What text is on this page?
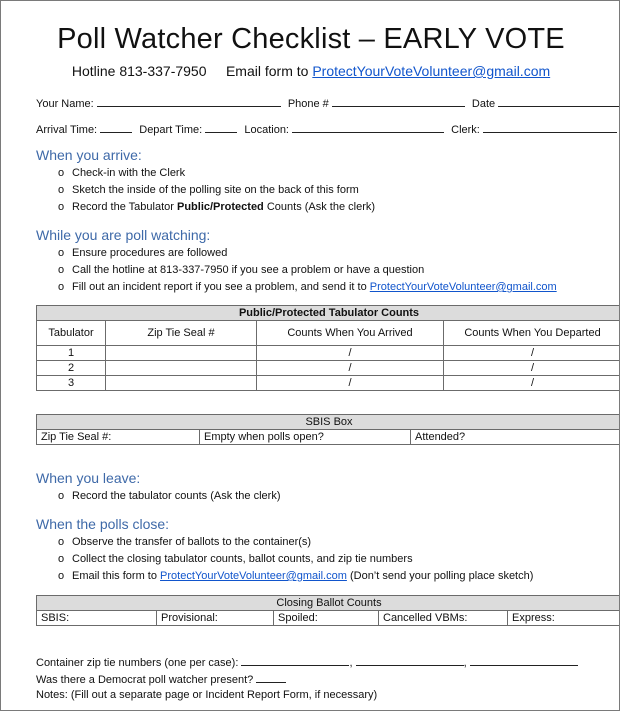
Poll Watcher Checklist – EARLY VOTE
Hotline 813-337-7950 Email form to ProtectYourVoteVolunteer@gmail.com
Your Name:	Phone #	Date
Arrival Time:	Depart Time:	Location:	Clerk:
When you arrive:
o Check-in with the Clerk
o Sketch the inside of the polling site on the back of this form
o Record the Tabulator Public/Protected Counts (Ask the clerk)
While you are poll watching:
o Ensure procedures are followed
o Call the hotline at 813-337-7950 if you see a problem or have a question
o Fill out an incident report if you see a problem, and send it to ProtectYourVoteVolunteer@gmail.com
Public/Protected Tabulator Counts			
Tabulator	Zip Tie Seal #	Counts When You Arrived	Counts When You Departed
1		/	/
2		/	/
3		/	/
SBIS Box
Zip Tie Seal #:	Empty when polls open?	Attended?
When you leave:
o Record the tabulator counts (Ask the clerk)
When the polls close:
o Observe the transfer of ballots to the container(s)
o Collect the closing tabulator counts, ballot counts, and zip tie numbers
o Email this form to ProtectYourVoteVolunteer@gmail.com (Don’t send your polling place sketch)
Closing Ballot Counts
SBIS:	Provisional:	Spoiled:	Cancelled VBMs:	Express:
Container zip tie numbers (one per case):	,	,
Was there a Democrat poll watcher present?
Notes: (Fill out a separate page or Incident Report Form, if necessary)
